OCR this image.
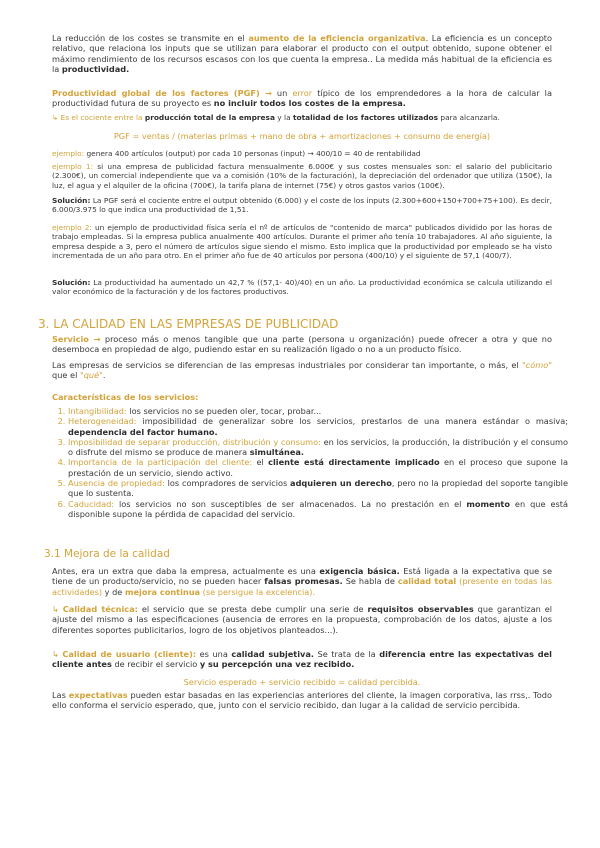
La reducción de los costes se transmite en el aumento de la eficiencia organizativa. La eficiencia es un concepto relativo, que relaciona los inputs que se utilizan para elaborar el producto con el output obtenido, supone obtener el máximo rendimiento de los recursos escasos con los que cuenta la empresa.. La medida más habitual de la eficiencia es la productividad.

Productividad global de los factores (PGF) → un error típico de los emprendedores a la hora de calcular la productividad futura de su proyecto es no incluir todos los costes de la empresa.

↳ Es el cociente entre la producción total de la empresa y la totalidad de los factores utilizados para alcanzarla.

PGF = ventas / (materias primas + mano de obra + amortizaciones + consumo de energía)

ejemplo: genera 400 artículos (output) por cada 10 personas (input) → 400/10 = 40 de rentabilidad

ejemplo 1: si una empresa de publicidad factura mensualmente 6.000€ y sus costes mensuales son: el salario del publicitario (2.300€), un comercial independiente que va a comisión (10% de la facturación), la depreciación del ordenador que utiliza (150€), la luz, el agua y el alquiler de la oficina (700€), la tarifa plana de internet (75€) y otros gastos varios (100€).

Solución: La PGF será el cociente entre el output obtenido (6.000) y el coste de los inputs (2.300+600+150+700+75+100). Es decir, 6.000/3.975 lo que indica una productividad de 1,51.

ejemplo 2: un ejemplo de productividad física sería el nº de artículos de "contenido de marca" publicados dividido por las horas de trabajo empleadas. Si la empresa publica anualmente 400 artículos. Durante el primer año tenía 10 trabajadores. Al año siguiente, la empresa despide a 3, pero el número de artículos sigue siendo el mismo. Esto implica que la productividad por empleado se ha visto incrementada de un año para otro. En el primer año fue de 40 artículos por persona (400/10) y el siguiente de 57,1 (400/7).

Solución: La productividad ha aumentado un 42,7 % ((57,1- 40)/40) en un año. La productividad económica se calcula utilizando el valor económico de la facturación y de los factores productivos.

3. LA CALIDAD EN LAS EMPRESAS DE PUBLICIDAD

Servicio → proceso más o menos tangible que una parte (persona u organización) puede ofrecer a otra y que no desemboca en propiedad de algo, pudiendo estar en su realización ligado o no a un producto físico.

Las empresas de servicios se diferencian de las empresas industriales por considerar tan importante, o más, el "cómo" que el "qué".

Características de los servicios:

1. Intangibilidad: los servicios no se pueden oler, tocar, probar...
2. Heterogeneidad: imposibilidad de generalizar sobre los servicios, prestarlos de una manera estándar o masiva; dependencia del factor humano.
3. Imposibilidad de separar producción, distribución y consumo: en los servicios, la producción, la distribución y el consumo o disfrute del mismo se produce de manera simultánea.
4. Importancia de la participación del cliente: el cliente está directamente implicado en el proceso que supone la prestación de un servicio, siendo activo.
5. Ausencia de propiedad: los compradores de servicios adquieren un derecho, pero no la propiedad del soporte tangible que lo sustenta.
6. Caducidad: los servicios no son susceptibles de ser almacenados. La no prestación en el momento en que está disponible supone la pérdida de capacidad del servicio.
3.1 Mejora de la calidad

Antes, era un extra que daba la empresa, actualmente es una exigencia básica. Está ligada a la expectativa que se tiene de un producto/servicio, no se pueden hacer falsas promesas. Se habla de calidad total (presente en todas las actividades) y de mejora continua (se persigue la excelencia).

↳ Calidad técnica: el servicio que se presta debe cumplir una serie de requisitos observables que garantizan el ajuste del mismo a las especificaciones (ausencia de errores en la propuesta, comprobación de los datos, ajuste a los diferentes soportes publicitarios, logro de los objetivos planteados...).

↳ Calidad de usuario (cliente): es una calidad subjetiva. Se trata de la diferencia entre las expectativas del cliente antes de recibir el servicio y su percepción una vez recibido.

Servicio esperado + servicio recibido = calidad percibida.

Las expectativas pueden estar basadas en las experiencias anteriores del cliente, la imagen corporativa, las rrss,. Todo ello conforma el servicio esperado, que, junto con el servicio recibido, dan lugar a la calidad de servicio percibida.
